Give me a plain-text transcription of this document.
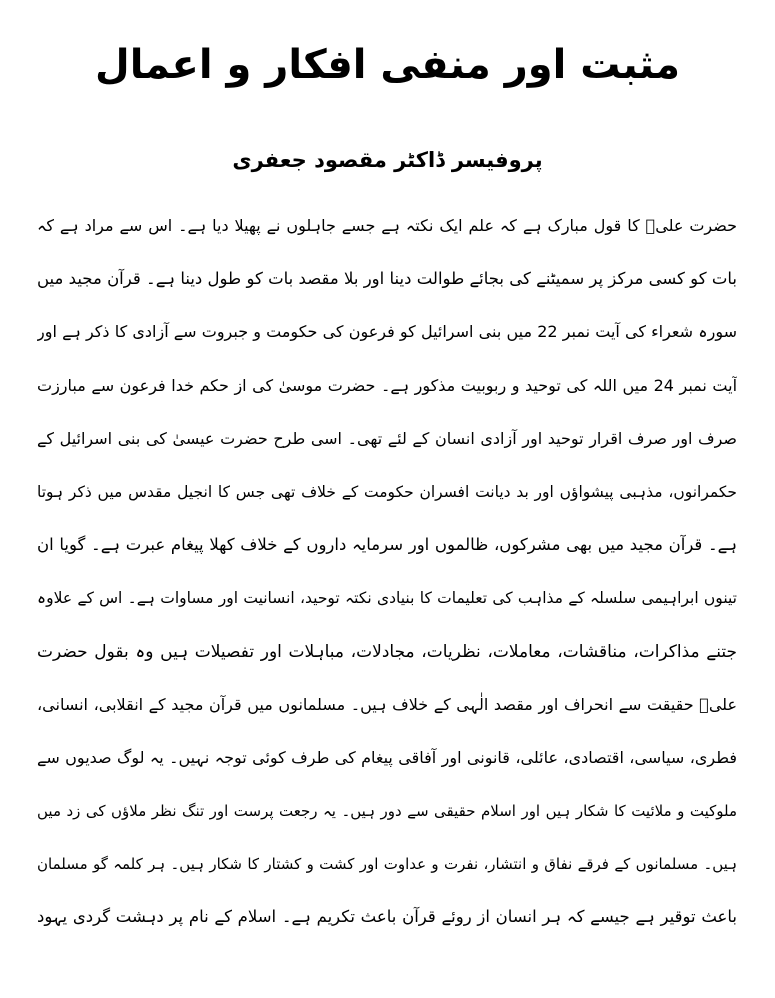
مثبت اور منفی افکار و اعمال
پروفیسر ڈاکٹر مقصود جعفری
حضرت علیؑ کا قول مبارک ہے کہ علم ایک نکتہ ہے جسے جاہلوں نے پھیلا دیا ہے۔ اس سے مراد ہے کہ
بات کو کسی مرکز پر سمیٹنے کی بجائے طوالت دینا اور بلا مقصد بات کو طول دینا ہے۔ قرآن مجید میں
سورہ شعراء کی آیت نمبر 22 میں بنی اسرائیل کو فرعون کی حکومت و جبروت سے آزادی کا ذکر ہے اور
آیت نمبر 24 میں اللہ کی توحید و ربوبیت مذکور ہے۔ حضرت موسیٰ کی از حکم خدا فرعون سے مبارزت
صرف اور صرف اقرار توحید اور آزادی انسان کے لئے تھی۔ اسی طرح حضرت عیسیٰ کی بنی اسرائیل کے
حکمرانوں، مذہبی پیشواؤں اور بد دیانت افسران حکومت کے خلاف تھی جس کا انجیل مقدس میں ذکر ہوتا
ہے۔ قرآن مجید میں بھی مشرکوں، ظالموں اور سرمایہ داروں کے خلاف کھلا پیغام عبرت ہے۔ گویا ان
تینوں ابراہیمی سلسلہ کے مذاہب کی تعلیمات کا بنیادی نکتہ توحید، انسانیت اور مساوات ہے۔ اس کے علاوہ
جتنے مذاکرات، مناقشات، معاملات، نظریات، مجادلات، مباہلات اور تفصیلات ہیں وہ بقول حضرت
علیؑ حقیقت سے انحراف اور مقصد الٰہی کے خلاف ہیں۔ مسلمانوں میں قرآن مجید کے انقلابی، انسانی،
فطری، سیاسی، اقتصادی، عائلی، قانونی اور آفاقی پیغام کی طرف کوئی توجہ نہیں۔ یہ لوگ صدیوں سے
ملوکیت و ملائیت کا شکار ہیں اور اسلام حقیقی سے دور ہیں۔ یہ رجعت پرست اور تنگ نظر ملاؤں کی زد میں
ہیں۔ مسلمانوں کے فرقے نفاق و انتشار، نفرت و عداوت اور کشت و کشتار کا شکار ہیں۔ ہر کلمہ گو مسلمان
باعث توقیر ہے جیسے کہ ہر انسان از روئے قرآن باعث تکریم ہے۔ اسلام کے نام پر دہشت گردی یہود
